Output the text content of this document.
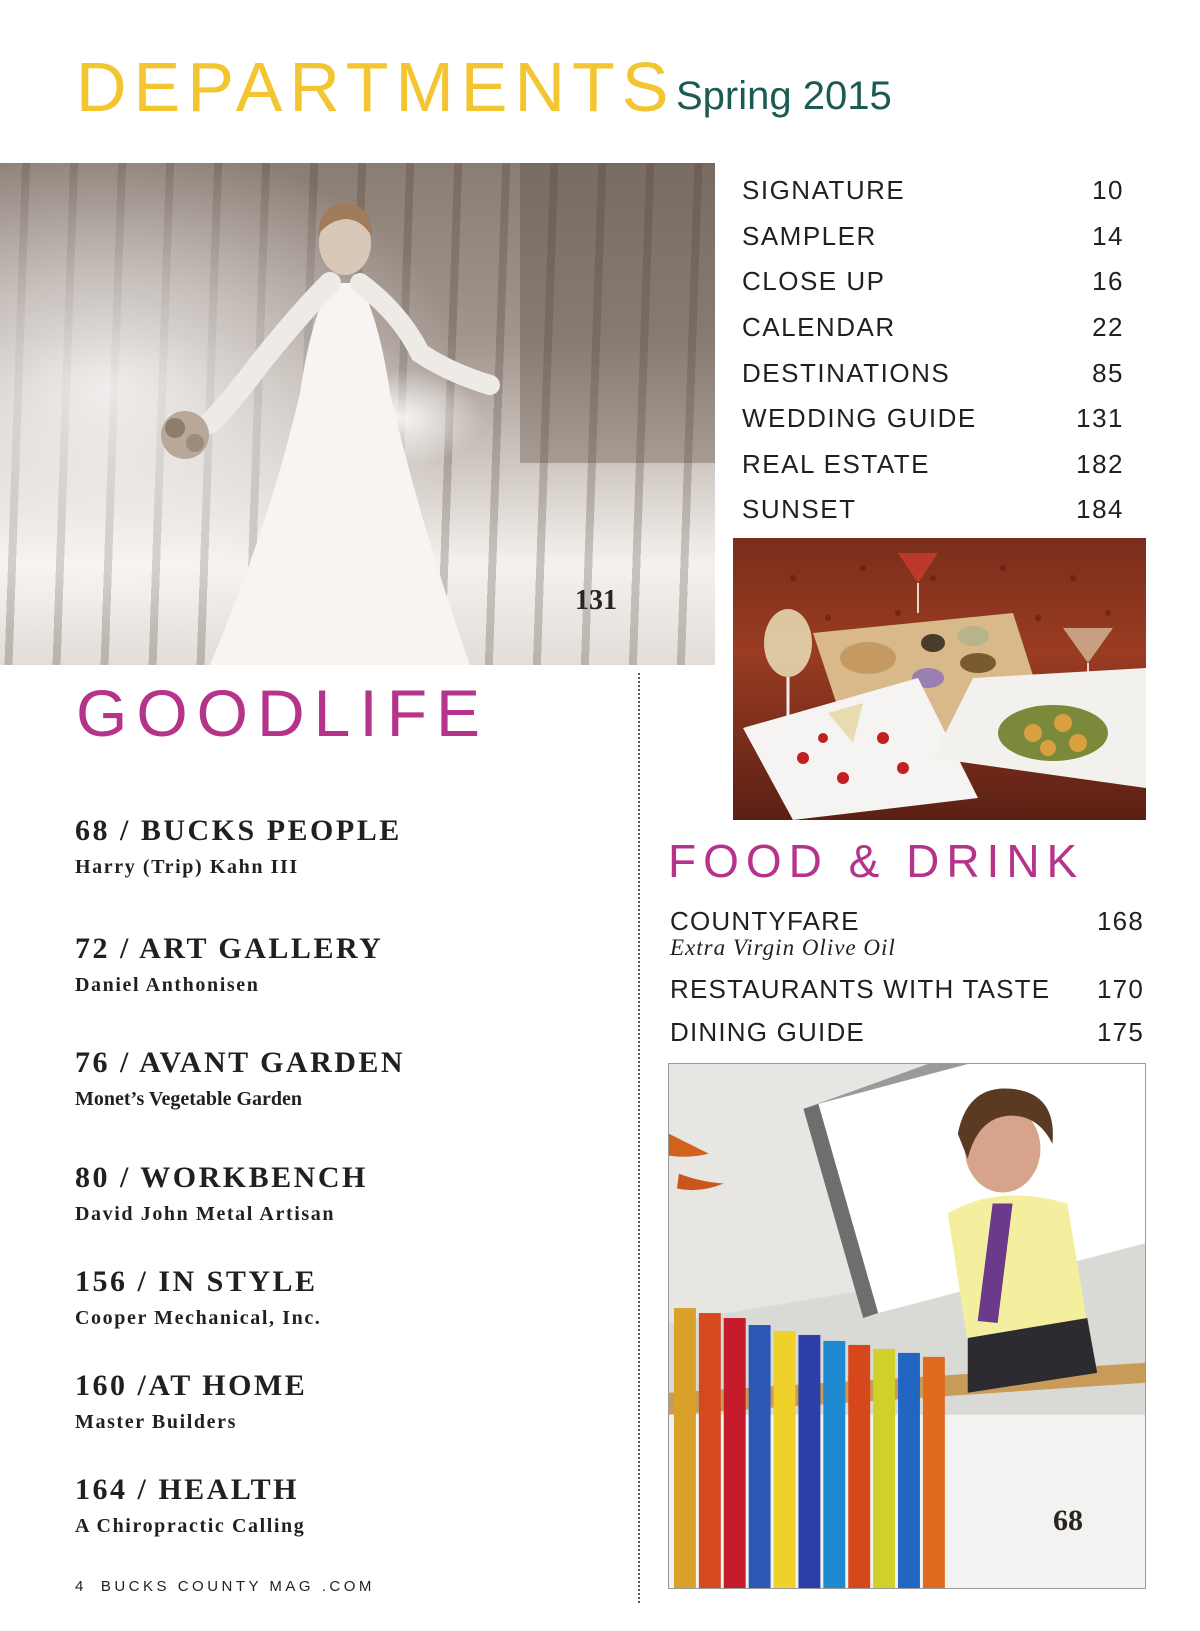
DEPARTMENTS Spring 2015
131
SIGNATURE	10
SAMPLER	14
CLOSE UP	16
CALENDAR	22
DESTINATIONS	85
WEDDING GUIDE	131
REAL ESTATE	182
SUNSET	184
GOODLIFE
68 / BUCKS PEOPLE
Harry (Trip) Kahn III
72 / ART GALLERY
Daniel Anthonisen
76 / AVANT GARDEN
Monet’s Vegetable Garden
80 / WORKBENCH
David John Metal Artisan
156 / IN STYLE
Cooper Mechanical, Inc.
160 /AT HOME
Master Builders
164 / HEALTH
A Chiropractic Calling
FOOD & DRINK
COUNTYFARE	168
Extra Virgin Olive Oil
RESTAURANTS WITH TASTE 170
DINING GUIDE	175
68
4 BUCKS COUNTY MAG .COM
